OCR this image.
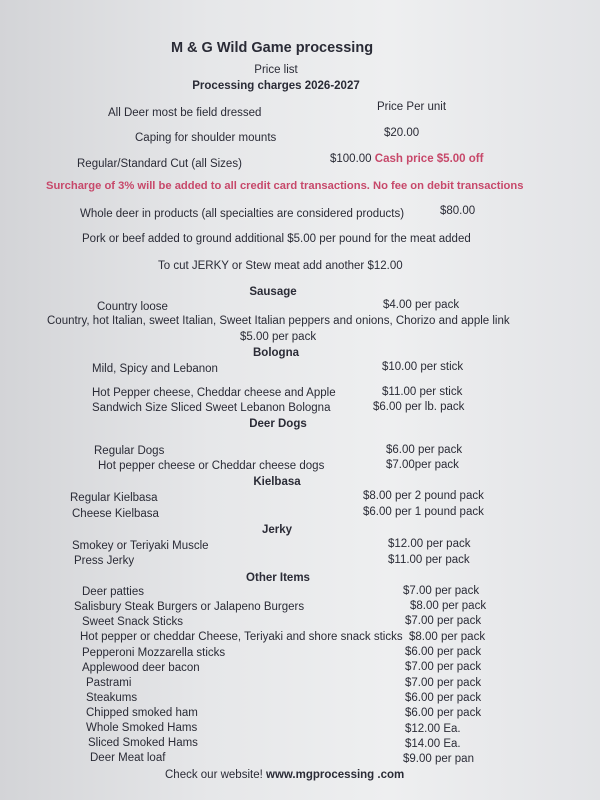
M & G Wild Game processing
Price list
Processing charges 2026-2027
All Deer most be field dressed	Price Per unit
Caping for shoulder mounts	$20.00
Regular/Standard Cut (all Sizes)	$100.00 Cash price $5.00 off
Surcharge of 3% will be added to all credit card transactions. No fee on debit transactions
Whole deer in products (all specialties are considered products)	$80.00
Pork or beef added to ground additional $5.00 per pound for the meat added
To cut JERKY or Stew meat add another $12.00
Sausage
Country loose	$4.00 per pack
Country, hot Italian, sweet Italian, Sweet Italian peppers and onions, Chorizo and apple link
$5.00 per pack
Bologna
Mild, Spicy and Lebanon	$10.00 per stick
Hot Pepper cheese, Cheddar cheese and Apple	$11.00 per stick
Sandwich Size Sliced Sweet Lebanon Bologna	$6.00 per lb. pack
Deer Dogs
Regular Dogs	$6.00 per pack
Hot pepper cheese or Cheddar cheese dogs	$7.00per pack
Kielbasa
Regular Kielbasa	$8.00 per 2 pound pack
Cheese Kielbasa	$6.00 per 1 pound pack
Jerky
Smokey or Teriyaki Muscle	$12.00 per pack
Press Jerky	$11.00 per pack
Other Items
Deer patties	$7.00 per pack
Salisbury Steak Burgers or Jalapeno Burgers	$8.00 per pack
Sweet Snack Sticks	$7.00 per pack
Hot pepper or cheddar Cheese, Teriyaki and shore snack sticks $8.00 per pack
Pepperoni Mozzarella sticks	$6.00 per pack
Applewood deer bacon	$7.00 per pack
Pastrami	$7.00 per pack
Steakums	$6.00 per pack
Chipped smoked ham	$6.00 per pack
Whole Smoked Hams	$12.00 Ea.
Sliced Smoked Hams	$14.00 Ea.
Deer Meat loaf	$9.00 per pan
Check our website! www.mgprocessing .com
